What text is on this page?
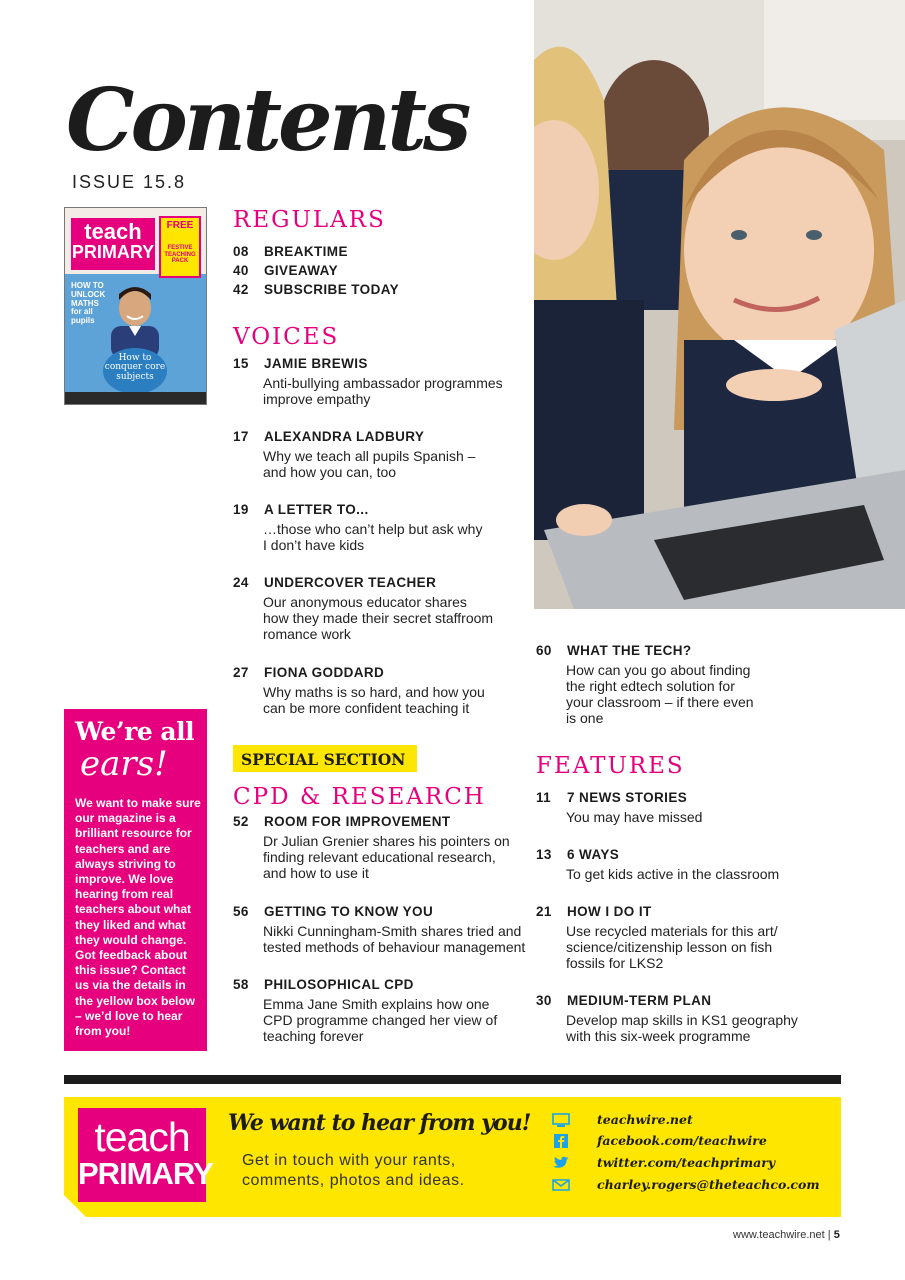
Contents
ISSUE 15.8
teach
PRIMARY
FREE
FESTIVE TEACHING PACK
HOW TO UNLOCK MATHS for all pupils
How to conquer core subjects
REGULARS
08 BREAKTIME
40 GIVEAWAY
42 SUBSCRIBE TODAY
VOICES
15 JAMIE BREWIS
Anti-bullying ambassador programmes
improve empathy
17 ALEXANDRA LADBURY
Why we teach all pupils Spanish –
and how you can, too
19 A LETTER TO...
…those who can’t help but ask why
I don’t have kids
24 UNDERCOVER TEACHER
Our anonymous educator shares
how they made their secret staffroom
romance work
27 FIONA GODDARD
Why maths is so hard, and how you
can be more confident teaching it
60 WHAT THE TECH?
How can you go about finding
the right edtech solution for
your classroom – if there even
is one
FEATURES
11 7 NEWS STORIES
You may have missed
13 6 WAYS
To get kids active in the classroom
21 HOW I DO IT
Use recycled materials for this art/
science/citizenship lesson on fish
fossils for LKS2
30 MEDIUM-TERM PLAN
Develop map skills in KS1 geography
with this six-week programme
We’re all
ears!
We want to make sure our magazine is a brilliant resource for teachers and are always striving to improve. We love hearing from real teachers about what they liked and what they would change. Got feedback about this issue? Contact us via the details in the yellow box below – we’d love to hear from you!
SPECIAL SECTION
CPD & RESEARCH
52 ROOM FOR IMPROVEMENT
Dr Julian Grenier shares his pointers on
finding relevant educational research,
and how to use it
56 GETTING TO KNOW YOU
Nikki Cunningham-Smith shares tried and
tested methods of behaviour management
58 PHILOSOPHICAL CPD
Emma Jane Smith explains how one
CPD programme changed her view of
teaching forever
teach
PRIMARY
We want to hear from you!
Get in touch with your rants, comments, photos and ideas.
teachwire.net
facebook.com/teachwire
twitter.com/teachprimary
charley.rogers@theteachco.com
www.teachwire.net | 5
